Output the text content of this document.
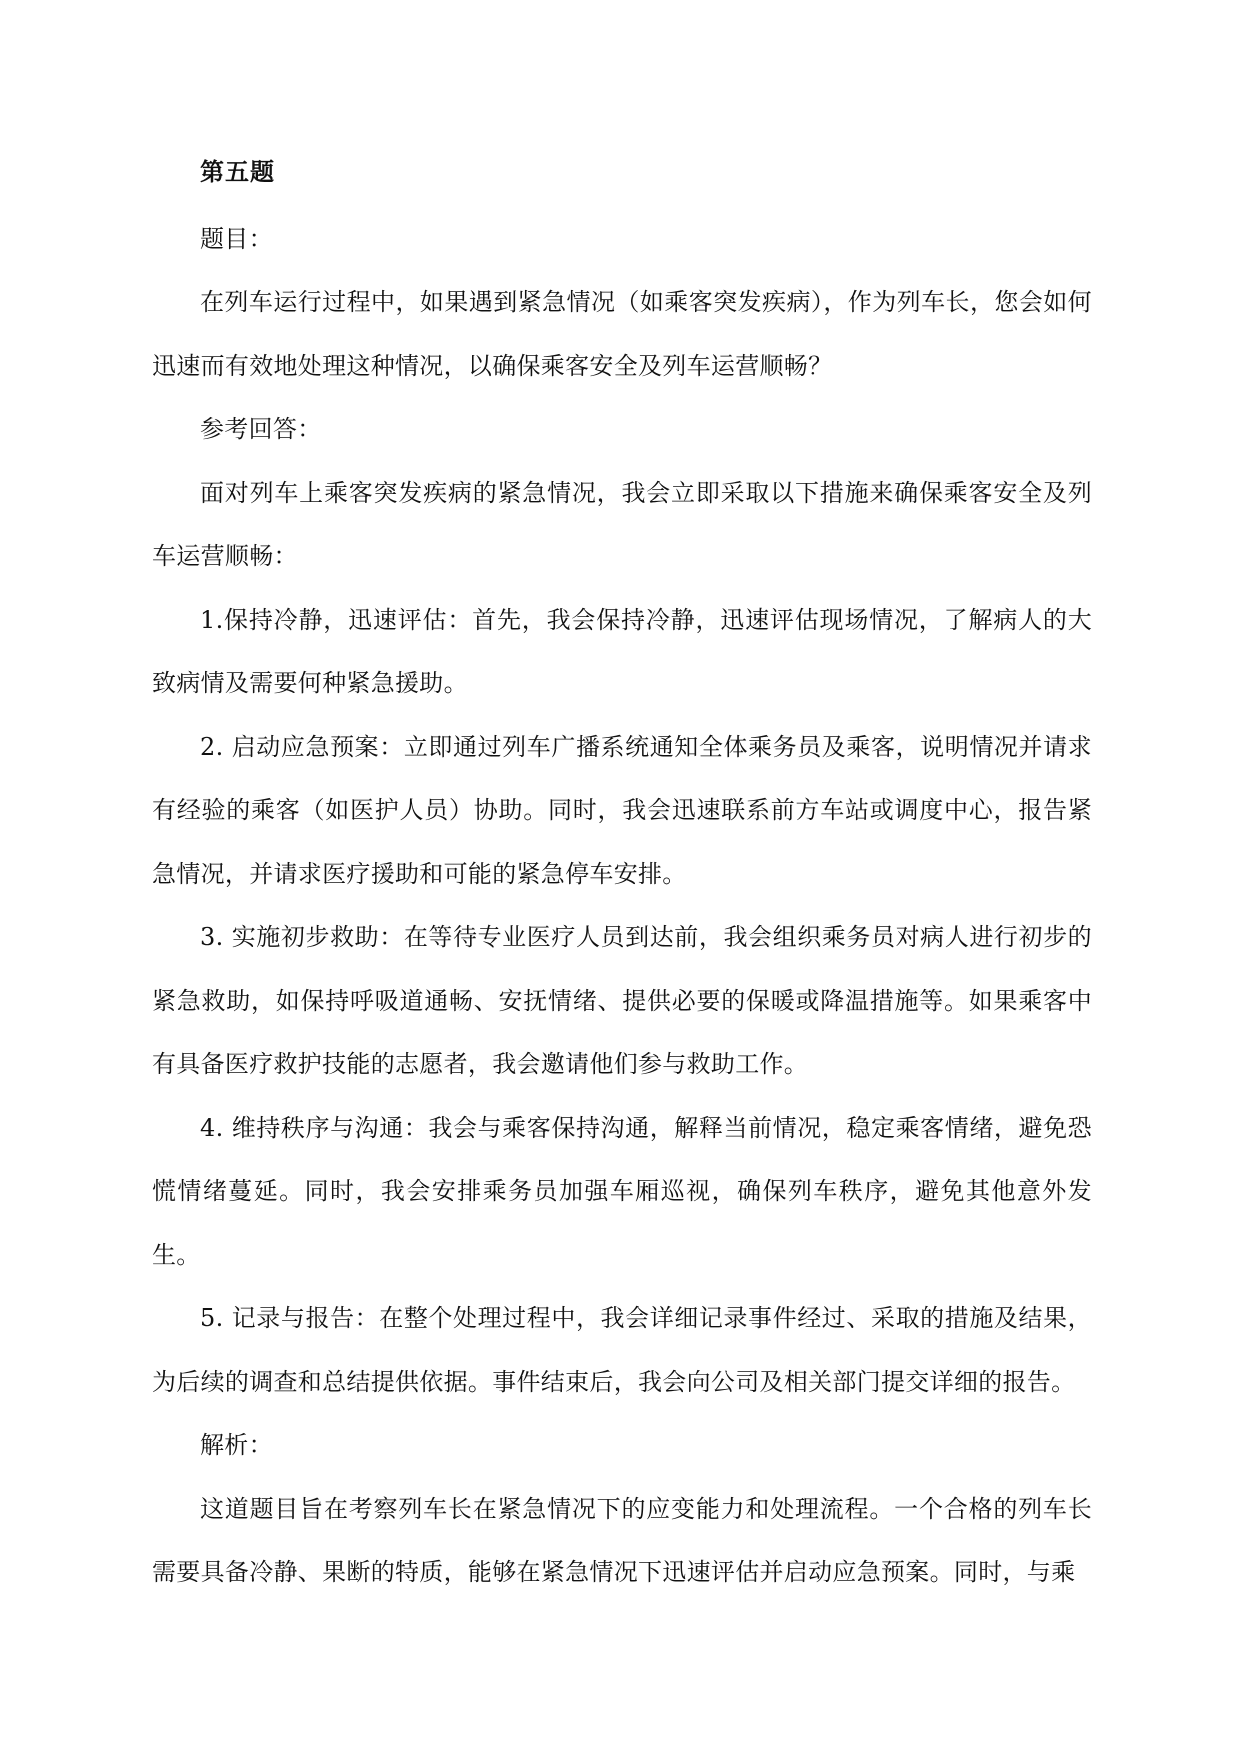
第五题

题目：

在列车运行过程中，如果遇到紧急情况（如乘客突发疾病），作为列车长，您会如何迅速而有效地处理这种情况，以确保乘客安全及列车运营顺畅？

参考回答：

面对列车上乘客突发疾病的紧急情况，我会立即采取以下措施来确保乘客安全及列车运营顺畅：

1.保持冷静，迅速评估：首先，我会保持冷静，迅速评估现场情况，了解病人的大致病情及需要何种紧急援助。

2. 启动应急预案：立即通过列车广播系统通知全体乘务员及乘客，说明情况并请求有经验的乘客（如医护人员）协助。同时，我会迅速联系前方车站或调度中心，报告紧急情况，并请求医疗援助和可能的紧急停车安排。

3. 实施初步救助：在等待专业医疗人员到达前，我会组织乘务员对病人进行初步的紧急救助，如保持呼吸道通畅、安抚情绪、提供必要的保暖或降温措施等。如果乘客中有具备医疗救护技能的志愿者，我会邀请他们参与救助工作。

4. 维持秩序与沟通：我会与乘客保持沟通，解释当前情况，稳定乘客情绪，避免恐慌情绪蔓延。同时，我会安排乘务员加强车厢巡视，确保列车秩序，避免其他意外发生。

5. 记录与报告：在整个处理过程中，我会详细记录事件经过、采取的措施及结果，为后续的调查和总结提供依据。事件结束后，我会向公司及相关部门提交详细的报告。

解析：

这道题目旨在考察列车长在紧急情况下的应变能力和处理流程。一个合格的列车长需要具备冷静、果断的特质，能够在紧急情况下迅速评估并启动应急预案。同时，与乘
